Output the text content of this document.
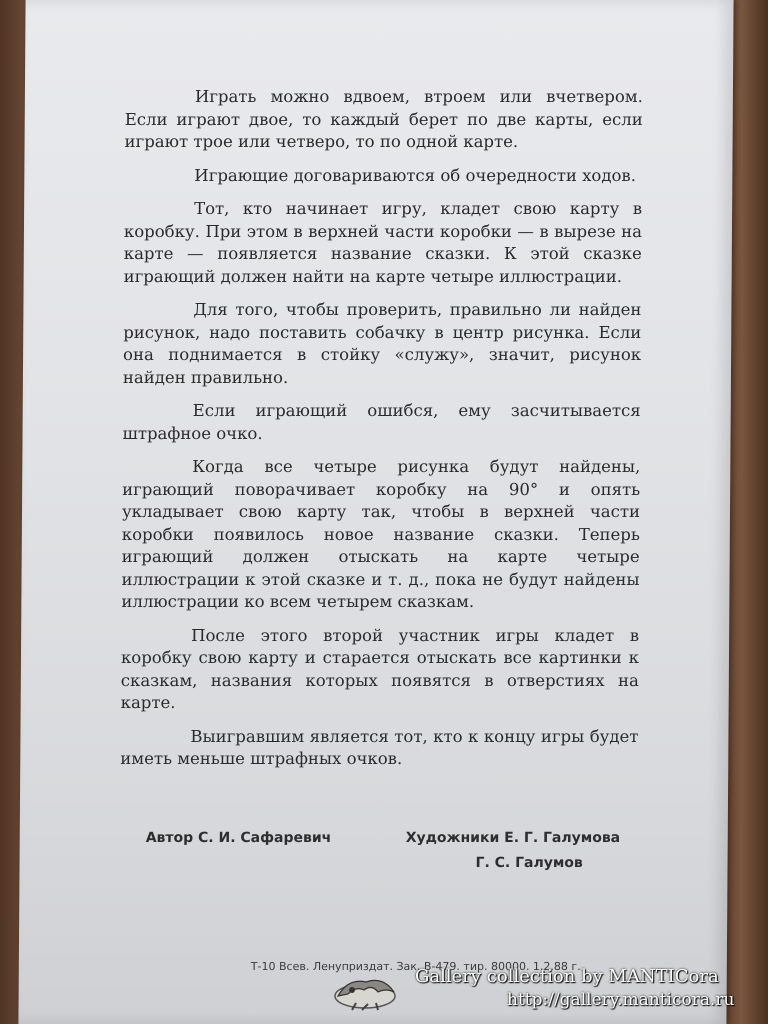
Играть можно вдвоем, втроем или вчетвером. Если играют двое, то каждый берет по две карты, если играют трое или четверо, то по одной карте.

Играющие договариваются об очередности ходов.

Тот, кто начинает игру, кладет свою карту в коробку. При этом в верхней части коробки — в вырезе на карте — появляется название сказки. К этой сказке играющий должен найти на карте четыре иллюстрации.

Для того, чтобы проверить, правильно ли найден рисунок, надо поставить собачку в центр рисунка. Если она поднимается в стойку «служу», значит, рисунок найден правильно.

Если играющий ошибся, ему засчитывается штрафное очко.

Когда все четыре рисунка будут найдены, играющий поворачивает коробку на 90° и опять укладывает свою карту так, чтобы в верхней части коробки появилось новое название сказки. Теперь играющий должен отыскать на карте четыре иллюстрации к этой сказке и т. д., пока не будут найдены иллюстрации ко всем четырем сказкам.

После этого второй участник игры кладет в коробку свою карту и старается отыскать все картинки к сказкам, названия которых появятся в отверстиях на карте.

Выигравшим является тот, кто к концу игры будет иметь меньше штрафных очков.

Автор С. И. Сафаревич	Художники Е. Г. Галумова
Г. С. Галумов
Т-10 Всев. Ленуприздат. Зак. В-479. тир. 80000. 1.2.88 г.
Gallery collection by MANTICora
http://gallery.manticora.ru
